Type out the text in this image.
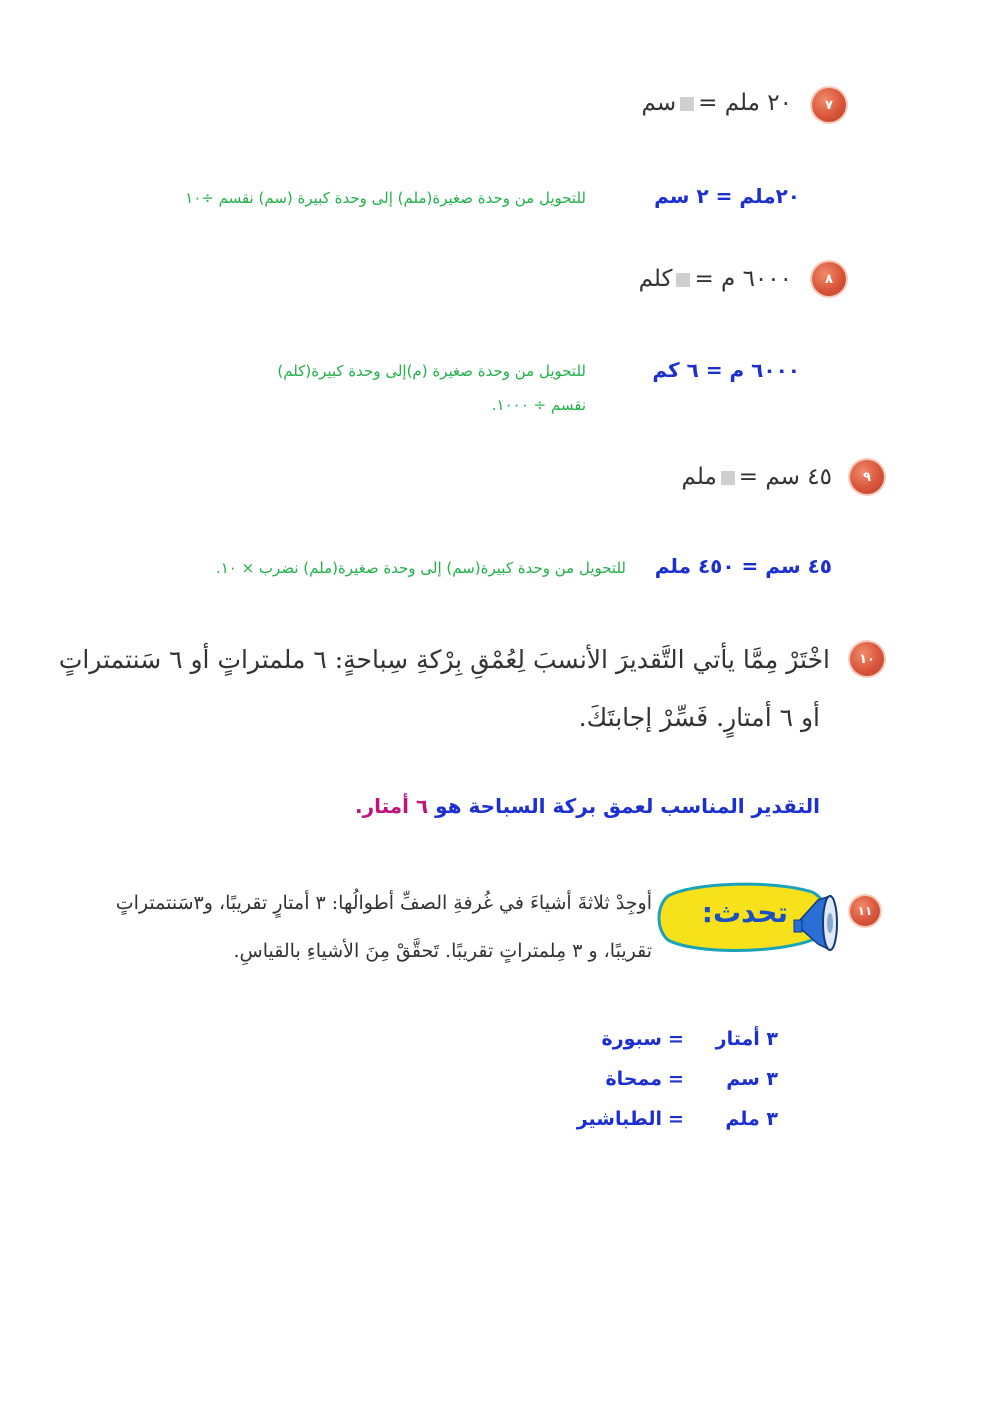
٧
٢٠ ملم =سم
٢٠ملم = ٢ سم
للتحويل من وحدة صغيرة(ملم) إلى وحدة كبيرة (سم) نقسم ÷١٠
٨
٦٠٠٠ م =كلم
٦٠٠٠ م = ٦ كم
للتحويل من وحدة صغيرة (م)إلى وحدة كبيرة(كلم)
نقسم ÷ ١٠٠٠.
٩
٤٥ سم =ملم
٤٥ سم = ٤٥٠ ملم
للتحويل من وحدة كبيرة(سم) إلى وحدة صغيرة(ملم) نضرب × ١٠.
١٠
اخْتَرْ مِمَّا يأتي التَّقديرَ الأنسبَ لِعُمْقِ بِرْكةِ سِباحةٍ: ٦ ملمتراتٍ أو ٦ سَنتمتراتٍ
أو ٦ أمتارٍ. فَسِّرْ إجابتَكَ.
التقدير المناسب لعمق بركة السباحة هو ٦ أمتار.
١١
تحدث:
أوجِدْ ثلاثةَ أشياءَ في غُرفةِ الصفِّ أطوالُها: ٣ أمتارٍ تقريبًا، و٣سَنتمتراتٍ
تقريبًا، و ٣ مِلمتراتٍ تقريبًا. تَحقَّقْ مِنَ الأشياءِ بالقياسِ.
٣ أمتار=سبورة
٣ سم=ممحاة
٣ ملم=الطباشير
